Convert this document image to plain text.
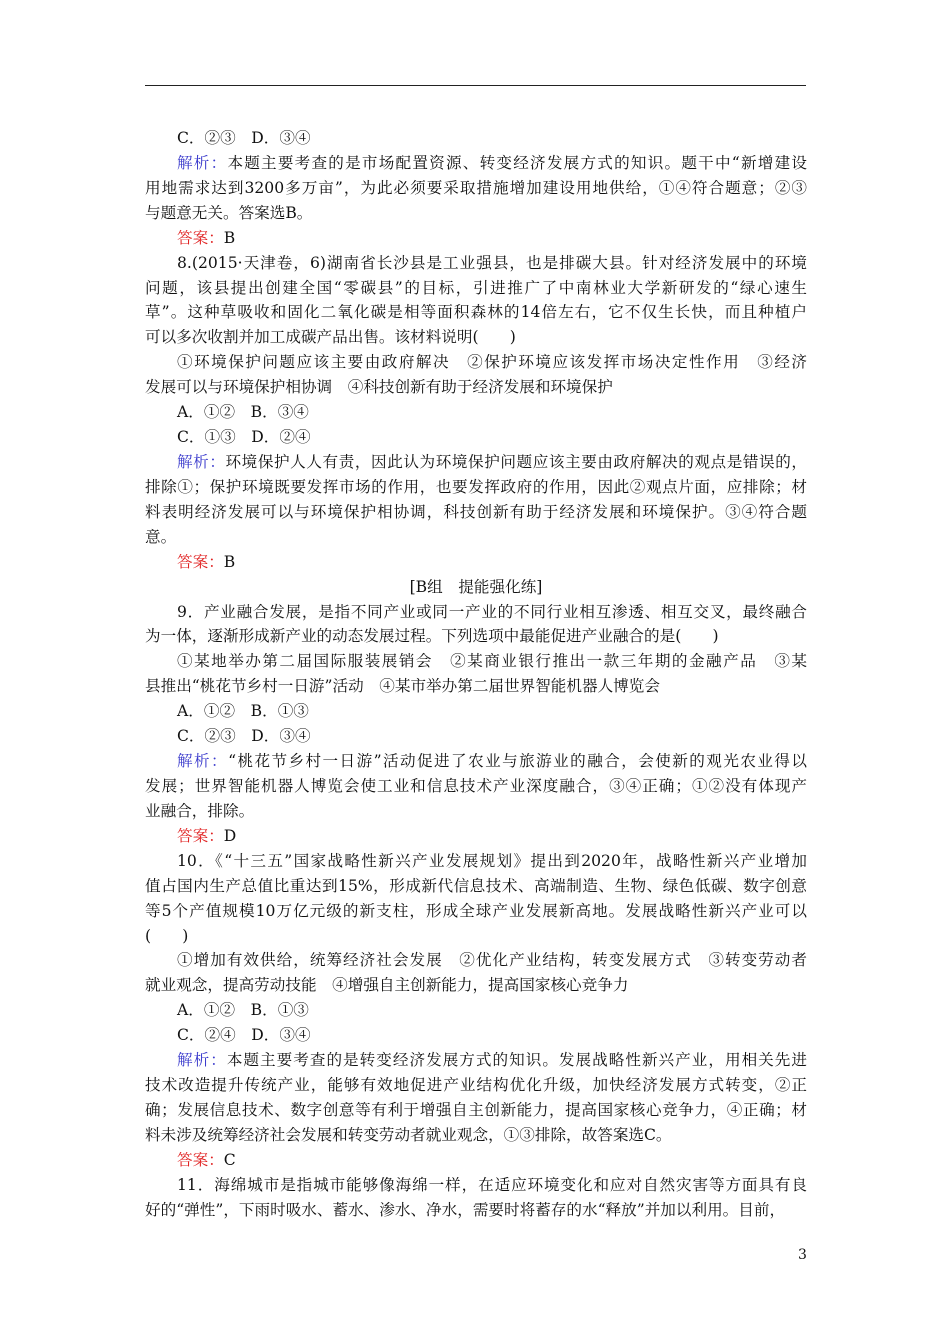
C．②③　D．③④
解析：本题主要考查的是市场配置资源、转变经济发展方式的知识。题干中“新增建设
用地需求达到3200多万亩”，为此必须要采取措施增加建设用地供给，①④符合题意；②③
与题意无关。答案选B。
答案：B
8.(2015·天津卷，6)湖南省长沙县是工业强县，也是排碳大县。针对经济发展中的环境
问题，该县提出创建全国“零碳县”的目标，引进推广了中南林业大学新研发的“绿心速生
草”。这种草吸收和固化二氧化碳是相等面积森林的14倍左右，它不仅生长快，而且种植户
可以多次收割并加工成碳产品出售。该材料说明(　　)
①环境保护问题应该主要由政府解决　②保护环境应该发挥市场决定性作用　③经济
发展可以与环境保护相协调　④科技创新有助于经济发展和环境保护
A．①②　B．③④
C．①③　D．②④
解析：环境保护人人有责，因此认为环境保护问题应该主要由政府解决的观点是错误的，
排除①；保护环境既要发挥市场的作用，也要发挥政府的作用，因此②观点片面，应排除；材
料表明经济发展可以与环境保护相协调，科技创新有助于经济发展和环境保护。③④符合题
意。
答案：B
[B组　提能强化练]
9．产业融合发展，是指不同产业或同一产业的不同行业相互渗透、相互交叉，最终融合
为一体，逐渐形成新产业的动态发展过程。下列选项中最能促进产业融合的是(　　)
①某地举办第二届国际服装展销会　②某商业银行推出一款三年期的金融产品　③某
县推出“桃花节乡村一日游”活动　④某市举办第二届世界智能机器人博览会
A．①②　B．①③
C．②③　D．③④
解析：“桃花节乡村一日游”活动促进了农业与旅游业的融合，会使新的观光农业得以
发展；世界智能机器人博览会使工业和信息技术产业深度融合，③④正确；①②没有体现产
业融合，排除。
答案：D
10．《“十三五”国家战略性新兴产业发展规划》提出到2020年，战略性新兴产业增加
值占国内生产总值比重达到15%，形成新代信息技术、高端制造、生物、绿色低碳、数字创意
等5个产值规模10万亿元级的新支柱，形成全球产业发展新高地。发展战略性新兴产业可以
(　　)
①增加有效供给，统筹经济社会发展　②优化产业结构，转变发展方式　③转变劳动者
就业观念，提高劳动技能　④增强自主创新能力，提高国家核心竞争力
A．①②　B．①③
C．②④　D．③④
解析：本题主要考查的是转变经济发展方式的知识。发展战略性新兴产业，用相关先进
技术改造提升传统产业，能够有效地促进产业结构优化升级，加快经济发展方式转变，②正
确；发展信息技术、数字创意等有利于增强自主创新能力，提高国家核心竞争力，④正确；材
料未涉及统筹经济社会发展和转变劳动者就业观念，①③排除，故答案选C。
答案：C
11．海绵城市是指城市能够像海绵一样，在适应环境变化和应对自然灾害等方面具有良
好的“弹性”，下雨时吸水、蓄水、渗水、净水，需要时将蓄存的水“释放”并加以利用。目前，
3
